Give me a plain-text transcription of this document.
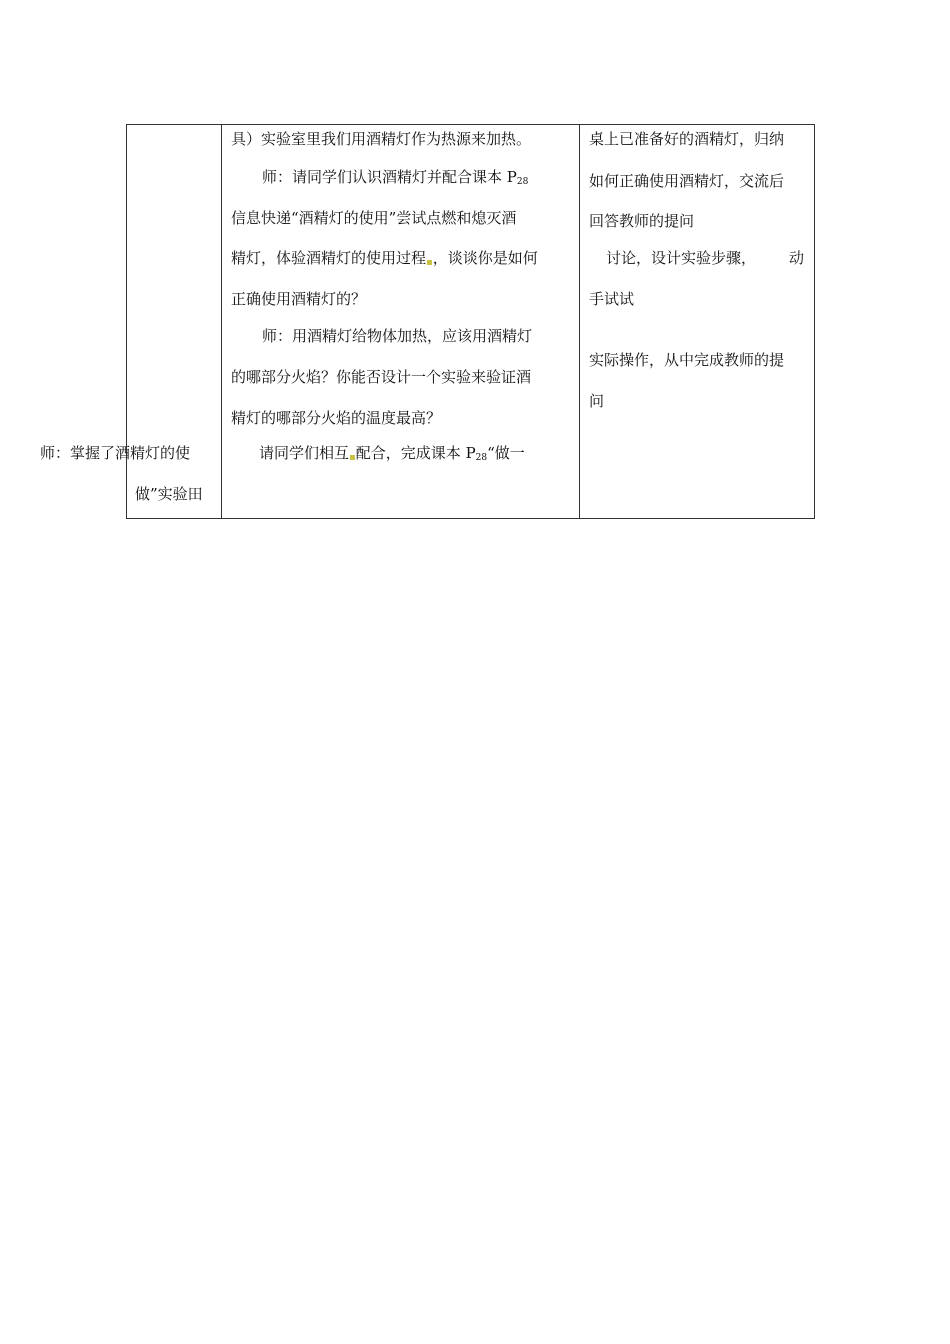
具）实验室里我们用酒精灯作为热源来加热。
师：请同学们认识酒精灯并配合课本 $P_{28}$
信息快递“酒精灯的使用”尝试点燃和熄灭酒
精灯，体验酒精灯的使用过程▪，谈谈你是如何
正确使用酒精灯的？
师：用酒精灯给物体加热，应该用酒精灯
的哪部分火焰？你能否设计一个实验来验证酒
精灯的哪部分火焰的温度最高？
请同学们相互▪配合，完成课本 $P_{28}“$做一
师：掌握了酒精灯的使
做”实验田
桌上已准备好的酒精灯，归纳
如何正确使用酒精灯，交流后
回答教师的提问
讨论，设计实验步骤， 动
手试试
实际操作，从中完成教师的提
问
